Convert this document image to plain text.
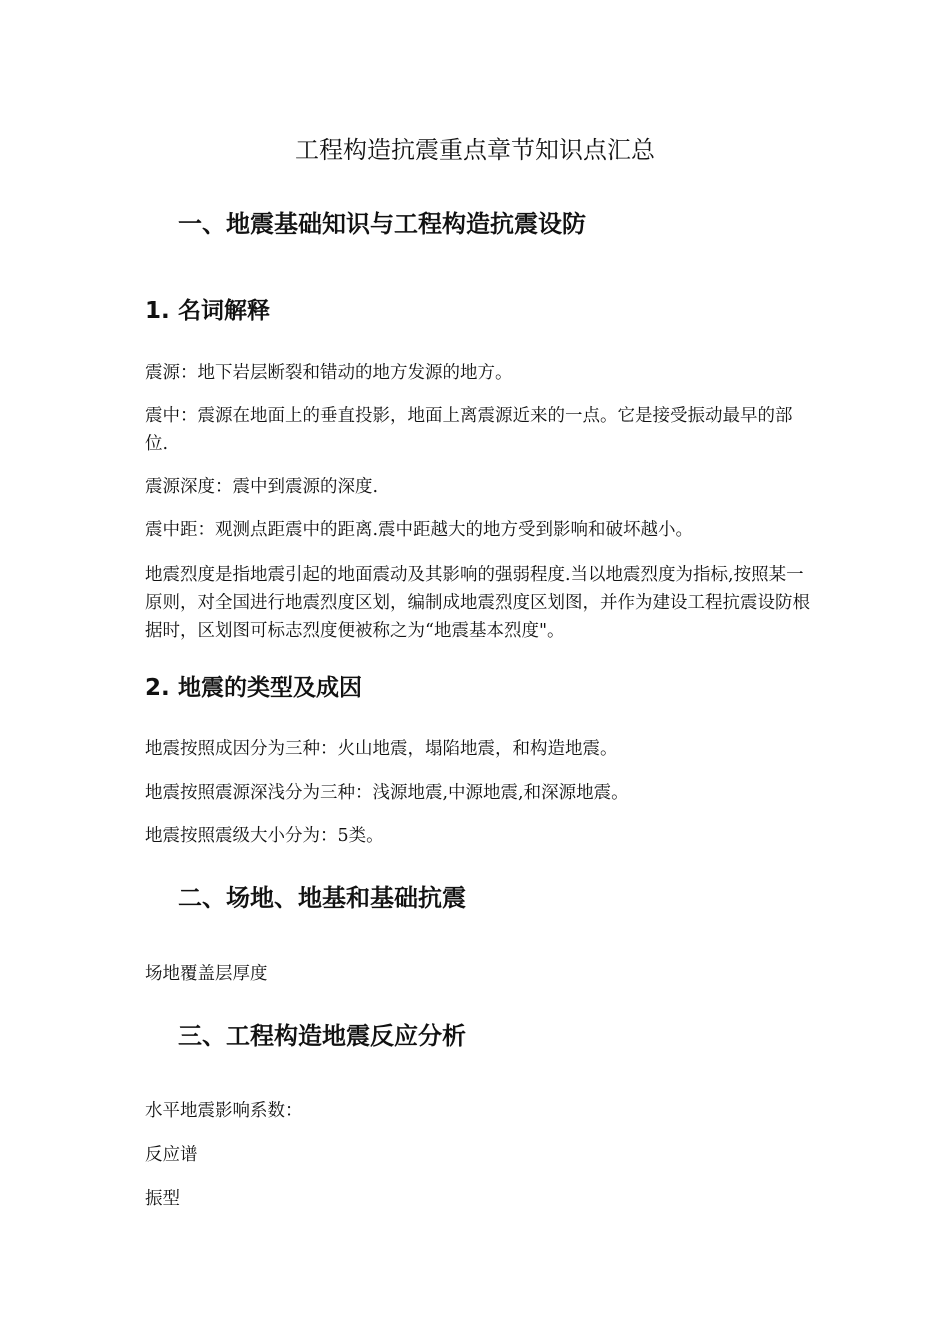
工程构造抗震重点章节知识点汇总
一、地震基础知识与工程构造抗震设防
1. 名词解释

震源：地下岩层断裂和错动的地方发源的地方。

震中：震源在地面上的垂直投影，地面上离震源近来的一点。它是接受振动最早的部位.

震源深度：震中到震源的深度.

震中距：观测点距震中的距离.震中距越大的地方受到影响和破坏越小。

地震烈度是指地震引起的地面震动及其影响的强弱程度.当以地震烈度为指标,按照某一原则，对全国进行地震烈度区划，编制成地震烈度区划图，并作为建设工程抗震设防根据时，区划图可标志烈度便被称之为“地震基本烈度"。

2. 地震的类型及成因

地震按照成因分为三种：火山地震，塌陷地震，和构造地震。

地震按照震源深浅分为三种：浅源地震,中源地震,和深源地震。

地震按照震级大小分为：5类。

二、场地、地基和基础抗震

场地覆盖层厚度

三、工程构造地震反应分析

水平地震影响系数：

反应谱

振型
